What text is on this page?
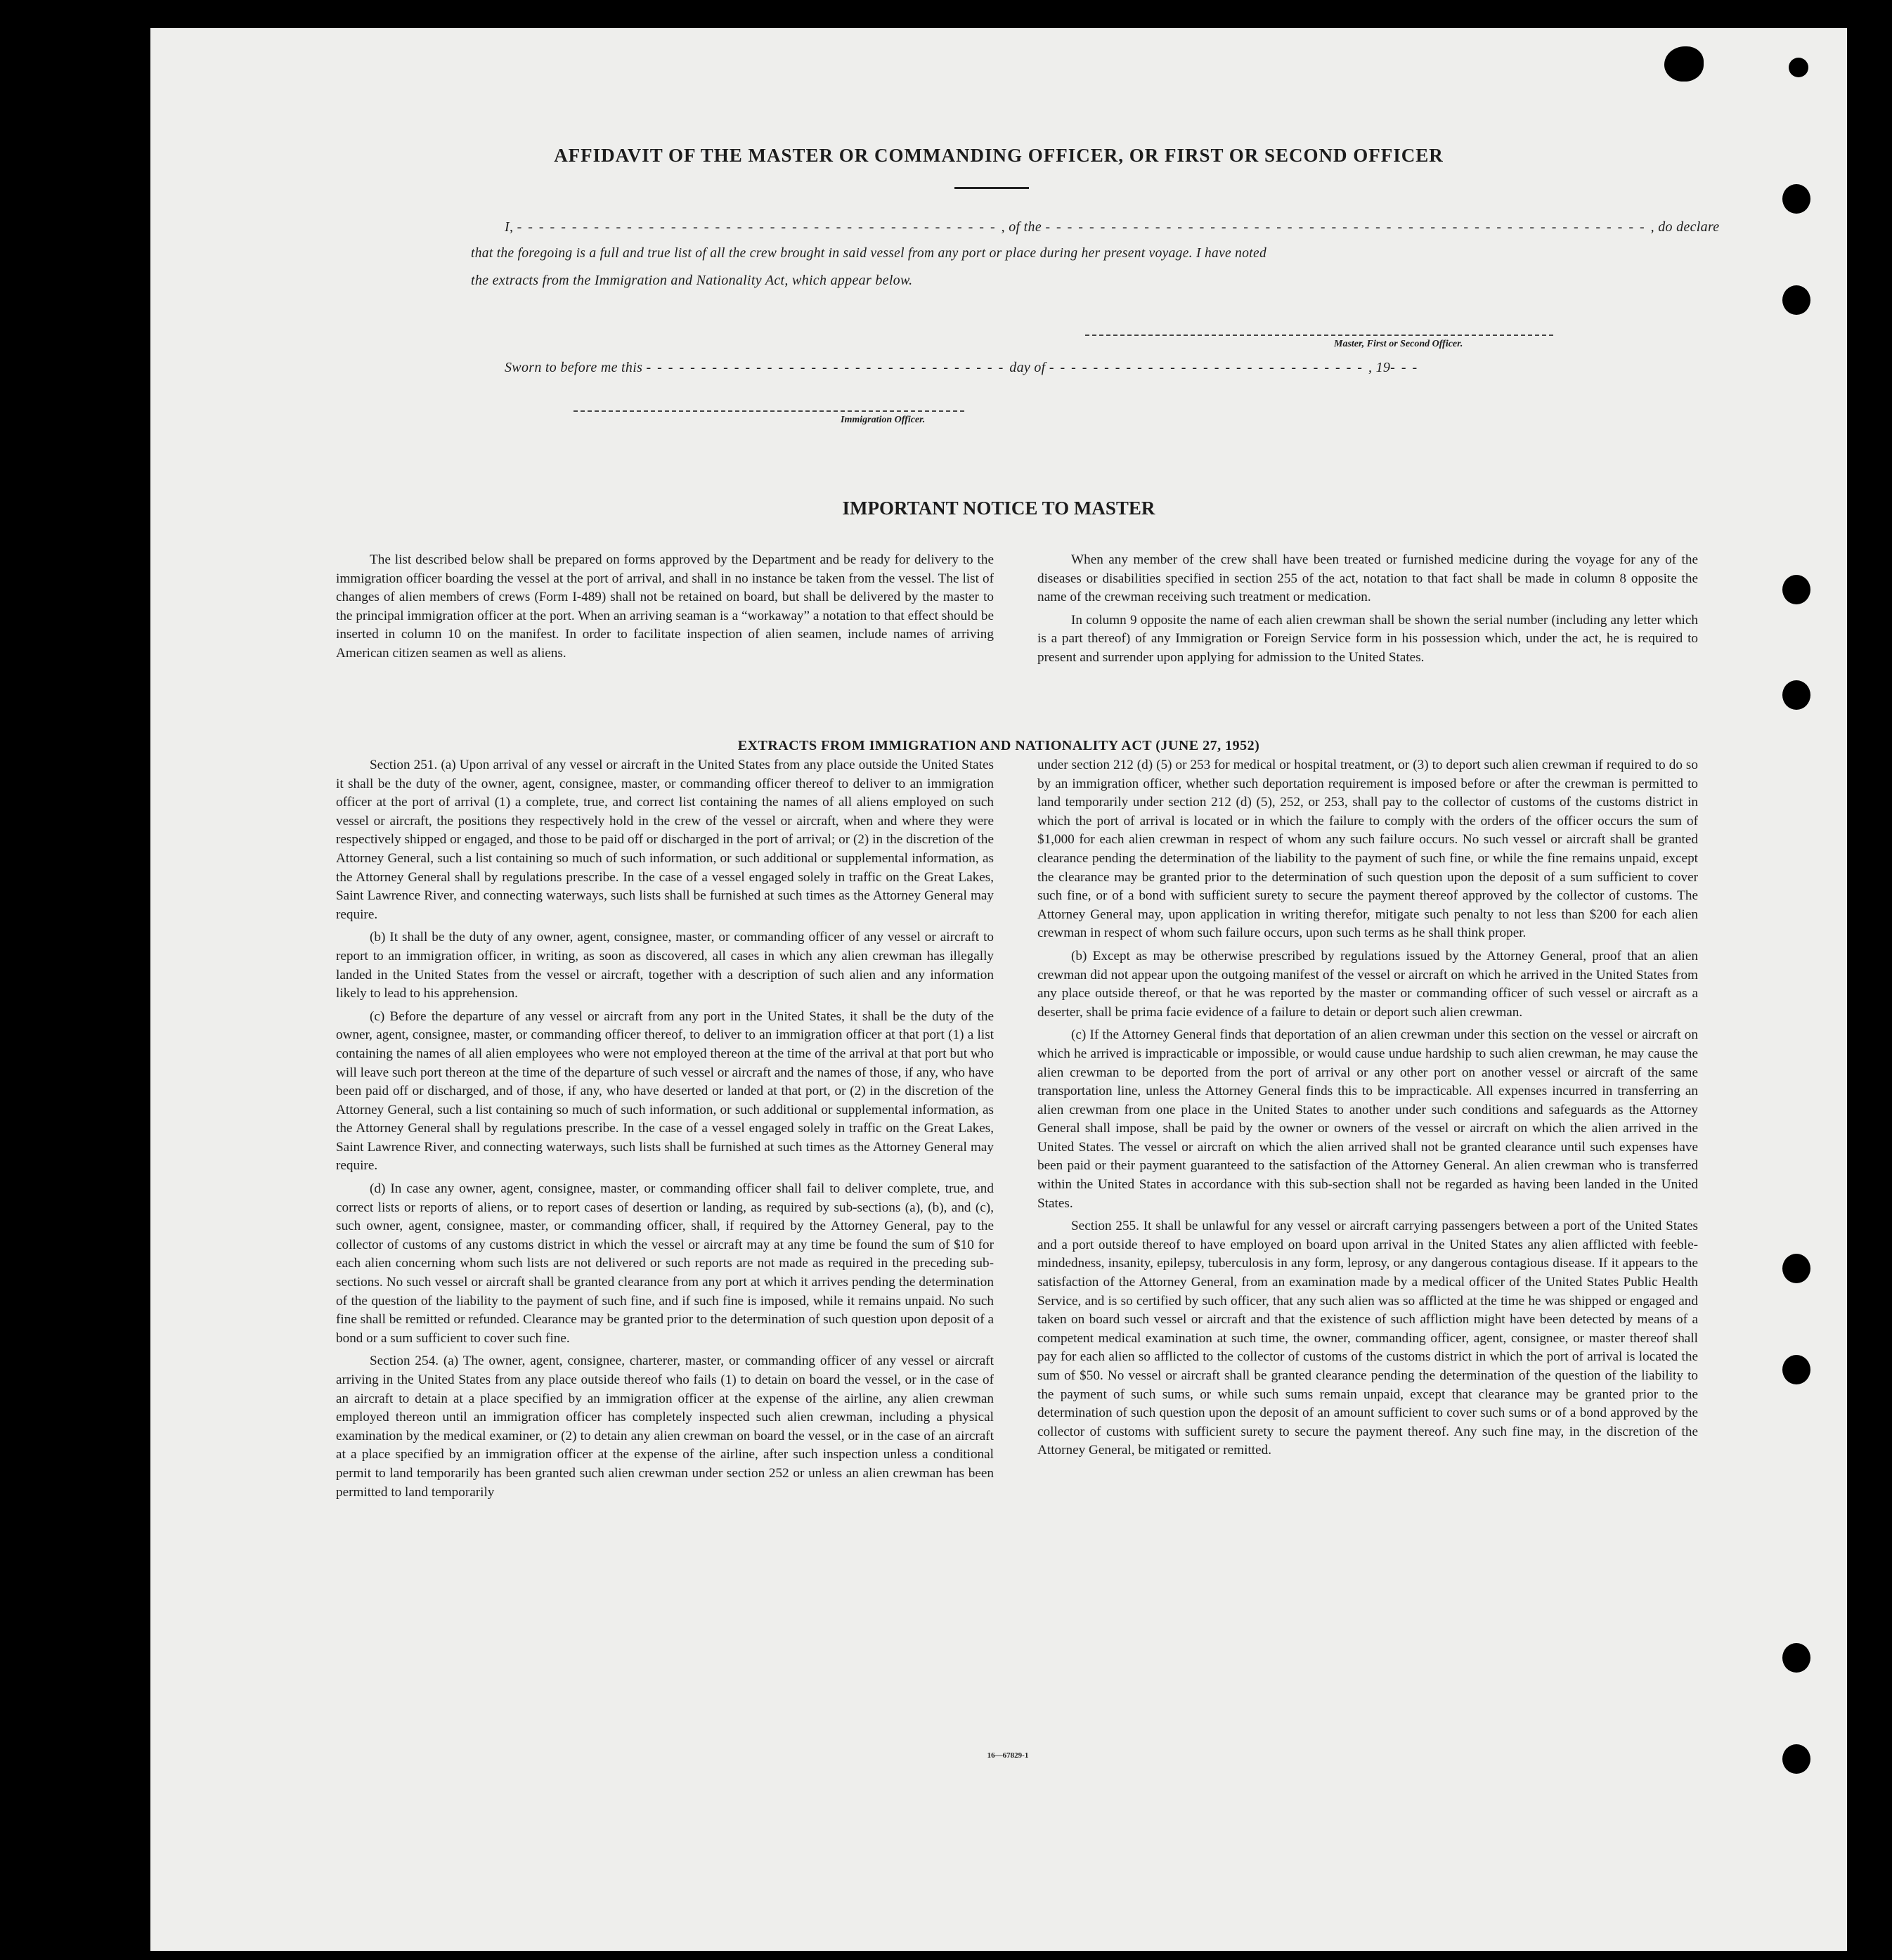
AFFIDAVIT OF THE MASTER OR COMMANDING OFFICER, OR FIRST OR SECOND OFFICER
I, - - - - - - - - - - - - - - - - - - - - - - - - - - - - - - - - - - - - - - - - - - - - , of the - - - - - - - - - - - - - - - - - - - - - - - - - - - - - - - - - - - - - - - - - - - - - - - - - - - - - - - , do declare
that the foregoing is a full and true list of all the crew brought in said vessel from any port or place during her present voyage. I have noted
the extracts from the Immigration and Nationality Act, which appear below.
Master, First or Second Officer.
Sworn to before me this - - - - - - - - - - - - - - - - - - - - - - - - - - - - - - - - - day of - - - - - - - - - - - - - - - - - - - - - - - - - - - - - , 19- - -
Immigration Officer.
IMPORTANT NOTICE TO MASTER

The list described below shall be prepared on forms approved by the Department and be ready for delivery to the immigration officer boarding the vessel at the port of arrival, and shall in no instance be taken from the vessel. The list of changes of alien members of crews (Form I-489) shall not be retained on board, but shall be delivered by the master to the principal immigration officer at the port. When an arriving seaman is a “workaway” a notation to that effect should be inserted in column 10 on the manifest. In order to facilitate inspection of alien seamen, include names of arriving American citizen seamen as well as aliens.

When any member of the crew shall have been treated or furnished medicine during the voyage for any of the diseases or disabilities specified in section 255 of the act, notation to that fact shall be made in column 8 opposite the name of the crewman receiving such treatment or medication.

In column 9 opposite the name of each alien crewman shall be shown the serial number (including any letter which is a part thereof) of any Immigration or Foreign Service form in his possession which, under the act, he is required to present and surrender upon applying for admission to the United States.

EXTRACTS FROM IMMIGRATION AND NATIONALITY ACT (JUNE 27, 1952)

Section 251. (a) Upon arrival of any vessel or aircraft in the United States from any place outside the United States it shall be the duty of the owner, agent, consignee, master, or commanding officer thereof to deliver to an immigration officer at the port of arrival (1) a complete, true, and correct list containing the names of all aliens employed on such vessel or aircraft, the positions they respectively hold in the crew of the vessel or aircraft, when and where they were respectively shipped or engaged, and those to be paid off or discharged in the port of arrival; or (2) in the discretion of the Attorney General, such a list containing so much of such information, or such additional or supplemental information, as the Attorney General shall by regulations prescribe. In the case of a vessel engaged solely in traffic on the Great Lakes, Saint Lawrence River, and connecting waterways, such lists shall be furnished at such times as the Attorney General may require.

(b) It shall be the duty of any owner, agent, consignee, master, or commanding officer of any vessel or aircraft to report to an immigration officer, in writing, as soon as discovered, all cases in which any alien crewman has illegally landed in the United States from the vessel or aircraft, together with a description of such alien and any information likely to lead to his apprehension.

(c) Before the departure of any vessel or aircraft from any port in the United States, it shall be the duty of the owner, agent, consignee, master, or commanding officer thereof, to deliver to an immigration officer at that port (1) a list containing the names of all alien employees who were not employed thereon at the time of the arrival at that port but who will leave such port thereon at the time of the departure of such vessel or aircraft and the names of those, if any, who have been paid off or discharged, and of those, if any, who have deserted or landed at that port, or (2) in the discretion of the Attorney General, such a list containing so much of such information, or such additional or supplemental information, as the Attorney General shall by regulations prescribe. In the case of a vessel engaged solely in traffic on the Great Lakes, Saint Lawrence River, and connecting waterways, such lists shall be furnished at such times as the Attorney General may require.

(d) In case any owner, agent, consignee, master, or commanding officer shall fail to deliver complete, true, and correct lists or reports of aliens, or to report cases of desertion or landing, as required by sub-sections (a), (b), and (c), such owner, agent, consignee, master, or commanding officer, shall, if required by the Attorney General, pay to the collector of customs of any customs district in which the vessel or aircraft may at any time be found the sum of $10 for each alien concerning whom such lists are not delivered or such reports are not made as required in the preceding sub-sections. No such vessel or aircraft shall be granted clearance from any port at which it arrives pending the determination of the question of the liability to the payment of such fine, and if such fine is imposed, while it remains unpaid. No such fine shall be remitted or refunded. Clearance may be granted prior to the determination of such question upon deposit of a bond or a sum sufficient to cover such fine.

Section 254. (a) The owner, agent, consignee, charterer, master, or commanding officer of any vessel or aircraft arriving in the United States from any place outside thereof who fails (1) to detain on board the vessel, or in the case of an aircraft to detain at a place specified by an immigration officer at the expense of the airline, any alien crewman employed thereon until an immigration officer has completely inspected such alien crewman, including a physical examination by the medical examiner, or (2) to detain any alien crewman on board the vessel, or in the case of an aircraft at a place specified by an immigration officer at the expense of the airline, after such inspection unless a conditional permit to land temporarily has been granted such alien crewman under section 252 or unless an alien crewman has been permitted to land temporarily

under section 212 (d) (5) or 253 for medical or hospital treatment, or (3) to deport such alien crewman if required to do so by an immigration officer, whether such deportation requirement is imposed before or after the crewman is permitted to land temporarily under section 212 (d) (5), 252, or 253, shall pay to the collector of customs of the customs district in which the port of arrival is located or in which the failure to comply with the orders of the officer occurs the sum of $1,000 for each alien crewman in respect of whom any such failure occurs. No such vessel or aircraft shall be granted clearance pending the determination of the liability to the payment of such fine, or while the fine remains unpaid, except the clearance may be granted prior to the determination of such question upon the deposit of a sum sufficient to cover such fine, or of a bond with sufficient surety to secure the payment thereof approved by the collector of customs. The Attorney General may, upon application in writing therefor, mitigate such penalty to not less than $200 for each alien crewman in respect of whom such failure occurs, upon such terms as he shall think proper.

(b) Except as may be otherwise prescribed by regulations issued by the Attorney General, proof that an alien crewman did not appear upon the outgoing manifest of the vessel or aircraft on which he arrived in the United States from any place outside thereof, or that he was reported by the master or commanding officer of such vessel or aircraft as a deserter, shall be prima facie evidence of a failure to detain or deport such alien crewman.

(c) If the Attorney General finds that deportation of an alien crewman under this section on the vessel or aircraft on which he arrived is impracticable or impossible, or would cause undue hardship to such alien crewman, he may cause the alien crewman to be deported from the port of arrival or any other port on another vessel or aircraft of the same transportation line, unless the Attorney General finds this to be impracticable. All expenses incurred in transferring an alien crewman from one place in the United States to another under such conditions and safeguards as the Attorney General shall impose, shall be paid by the owner or owners of the vessel or aircraft on which the alien arrived in the United States. The vessel or aircraft on which the alien arrived shall not be granted clearance until such expenses have been paid or their payment guaranteed to the satisfaction of the Attorney General. An alien crewman who is transferred within the United States in accordance with this sub-section shall not be regarded as having been landed in the United States.

Section 255. It shall be unlawful for any vessel or aircraft carrying passengers between a port of the United States and a port outside thereof to have employed on board upon arrival in the United States any alien afflicted with feeble-mindedness, insanity, epilepsy, tuberculosis in any form, leprosy, or any dangerous contagious disease. If it appears to the satisfaction of the Attorney General, from an examination made by a medical officer of the United States Public Health Service, and is so certified by such officer, that any such alien was so afflicted at the time he was shipped or engaged and taken on board such vessel or aircraft and that the existence of such affliction might have been detected by means of a competent medical examination at such time, the owner, commanding officer, agent, consignee, or master thereof shall pay for each alien so afflicted to the collector of customs of the customs district in which the port of arrival is located the sum of $50. No vessel or aircraft shall be granted clearance pending the determination of the question of the liability to the payment of such sums, or while such sums remain unpaid, except that clearance may be granted prior to the determination of such question upon the deposit of an amount sufficient to cover such sums or of a bond approved by the collector of customs with sufficient surety to secure the payment thereof. Any such fine may, in the discretion of the Attorney General, be mitigated or remitted.

16—67829-1
